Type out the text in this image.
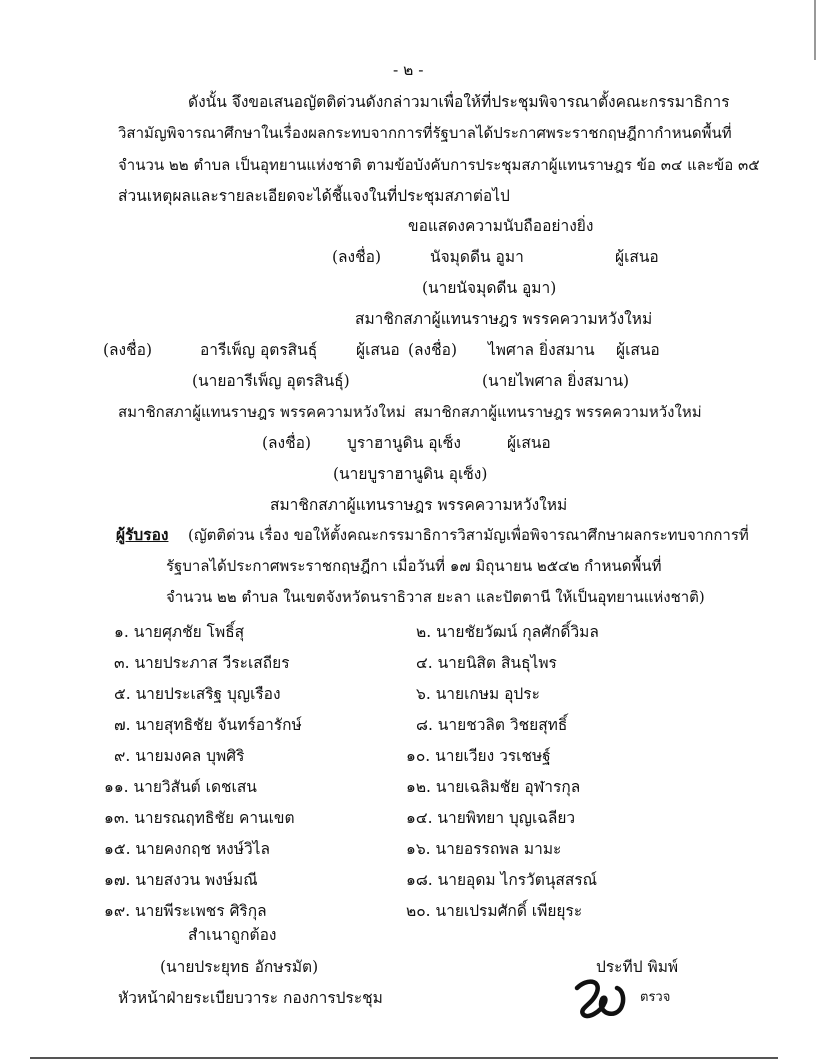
- ๒ -
ดังนั้น จึงขอเสนอญัตติด่วนดังกล่าวมาเพื่อให้ที่ประชุมพิจารณาตั้งคณะกรรมาธิการ
วิสามัญพิจารณาศึกษาในเรื่องผลกระทบจากการที่รัฐบาลได้ประกาศพระราชกฤษฎีกากำหนดพื้นที่
จำนวน ๒๒ ตำบล เป็นอุทยานแห่งชาติ ตามข้อบังคับการประชุมสภาผู้แทนราษฎร ข้อ ๓๔ และข้อ ๓๕
ส่วนเหตุผลและรายละเอียดจะได้ชี้แจงในที่ประชุมสภาต่อไป
ขอแสดงความนับถืออย่างยิ่ง
(ลงชื่อ)	นัจมุดดีน อูมา	ผู้เสนอ
(นายนัจมุดดีน อูมา)
สมาชิกสภาผู้แทนราษฎร พรรคความหวังใหม่
(ลงชื่อ)	อารีเพ็ญ อุตรสินธุ์	ผู้เสนอ (ลงชื่อ) ไพศาล ยิ่งสมาน ผู้เสนอ
(นายอารีเพ็ญ อุตรสินธุ์)	(นายไพศาล ยิ่งสมาน)
สมาชิกสภาผู้แทนราษฎร พรรคความหวังใหม่ สมาชิกสภาผู้แทนราษฎร พรรคความหวังใหม่
(ลงชื่อ) บูราฮานูดิน อุเซ็ง	ผู้เสนอ
(นายบูราฮานูดิน อุเซ็ง)
สมาชิกสภาผู้แทนราษฎร พรรคความหวังใหม่
ผู้รับรอง (ญัตติด่วน เรื่อง ขอให้ตั้งคณะกรรมาธิการวิสามัญเพื่อพิจารณาศึกษาผลกระทบจากการที่
รัฐบาลได้ประกาศพระราชกฤษฎีกา เมื่อวันที่ ๑๗ มิถุนายน ๒๕๔๒ กำหนดพื้นที่
จำนวน ๒๒ ตำบล ในเขตจังหวัดนราธิวาส ยะลา และปัตตานี ให้เป็นอุทยานแห่งชาติ)
๑. นายศุภชัย โพธิ์สุ	๒. นายชัยวัฒน์ กุลศักดิ์วิมล
๓. นายประภาส วีระเสถียร	๔. นายนิสิต สินธุไพร
๕. นายประเสริฐ บุญเรือง	๖. นายเกษม อุประ
๗. นายสุทธิชัย จันทร์อารักษ์	๘. นายชวลิต วิชยสุทธิ์
๙. นายมงคล บุพศิริ	๑๐. นายเวียง วรเชษฐ์
๑๑. นายวิสันต์ เดชเสน	๑๒. นายเฉลิมชัย อุฬารกุล
๑๓. นายรณฤทธิชัย คานเขต	๑๔. นายพิทยา บุญเฉลียว
๑๕. นายคงกฤช หงษ์วิไล	๑๖. นายอรรถพล มามะ
๑๗. นายสงวน พงษ์มณี	๑๘. นายอุดม ไกรวัตนุสสรณ์
๑๙. นายพีระเพชร ศิริกุล	๒๐. นายเปรมศักดิ์ เพียยุระ
สำเนาถูกต้อง
(นายประยุทธ อักษรมัต)
หัวหน้าฝ่ายระเบียบวาระ กองการประชุม
ประทีป พิมพ์
ตรวจ
